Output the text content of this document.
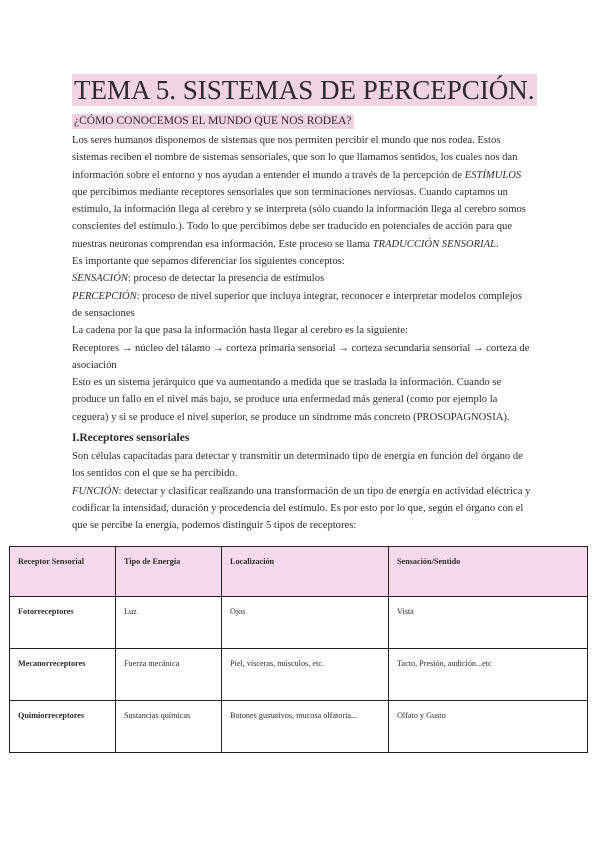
TEMA 5. SISTEMAS DE PERCEPCIÓN.
¿CÓMO CONOCEMOS EL MUNDO QUE NOS RODEA?

Los seres humanos disponemos de sistemas que nos permiten percibir el mundo que nos rodea. Estos sistemas reciben el nombre de sistemas sensoriales, que son lo que llamamos sentidos, los cuales nos dan información sobre el entorno y nos ayudan a entender el mundo a través de la percepción de ESTÍMULOS que percibimos mediante receptores sensoriales que son terminaciones nerviosas. Cuando captamos un estímulo, la información llega al cerebro y se interpreta (sólo cuando la información llega al cerebro somos conscientes del estímulo.). Todo lo que percibimos debe ser traducido en potenciales de acción para que nuestras neuronas comprendan esa información. Este proceso se llama TRADUCCIÓN SENSORIAL.

Es importante que sepamos diferenciar los siguientes conceptos:

SENSACIÓN: proceso de detectar la presencia de estímulos

PERCEPCIÓN: proceso de nivel superior que incluya integrar, reconocer e interpretar modelos complejos de sensaciones

La cadena por la que pasa la información hasta llegar al cerebro es la siguiente:

Receptores → núcleo del tálamo → corteza primaria sensorial → corteza secundaria sensorial → corteza de asociación

Esto es un sistema jerárquico que va aumentando a medida que se traslada la información. Cuando se produce un fallo en el nivel más bajo, se produce una enfermedad más general (como por ejemplo la ceguera) y si se produce el nivel superior, se produce un síndrome más concreto (PROSOPAGNOSIA).

I.Receptores sensoriales

Son células capacitadas para detectar y transmitir un determinado tipo de energía en función del órgano de los sentidos con el que se ha percibido.

FUNCIÓN: detectar y clasificar realizando una transformación de un tipo de energía en actividad eléctrica y codificar la intensidad, duración y procedencia del estímulo. Es por esto por lo que, según el órgano con el que se percibe la energía, podemos distinguir 5 tipos de receptores:

Receptor Sensorial	Tipo de Energía	Localización	Sensación/Sentido
Fotorreceptores	Luz	Ojos	Vista
Mecanorreceptores	Fuerza mecánica	Piel, vísceras, músculos, etc.	Tacto, Presión, audición...etc
Quimiorreceptores	Sustancias químicas	Botones gustativos, mucosa olfatoria...	Olfato y Gusto
